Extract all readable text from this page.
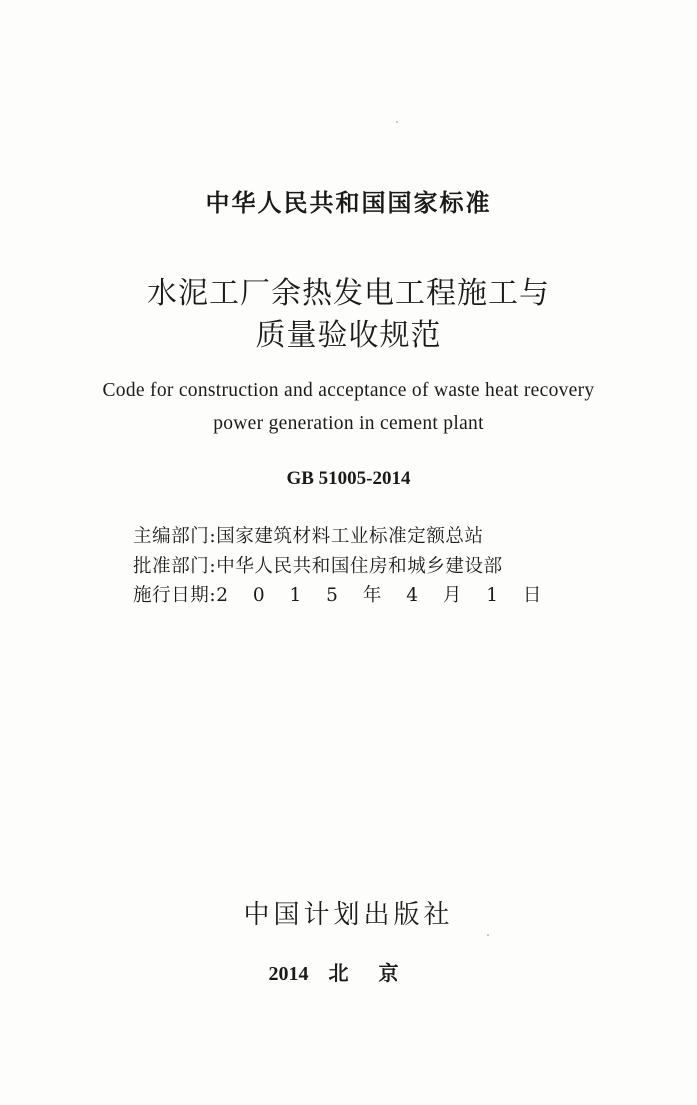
中华人民共和国国家标准
水泥工厂余热发电工程施工与
质量验收规范
Code for construction and acceptance of waste heat recovery
power generation in cement plant
GB 51005-2014
主编部门:国家建筑材料工业标准定额总站
批准部门:中华人民共和国住房和城乡建设部
施行日期:2 0 1 5 年 4 月 1 日
中国计划出版社
2014 北京
